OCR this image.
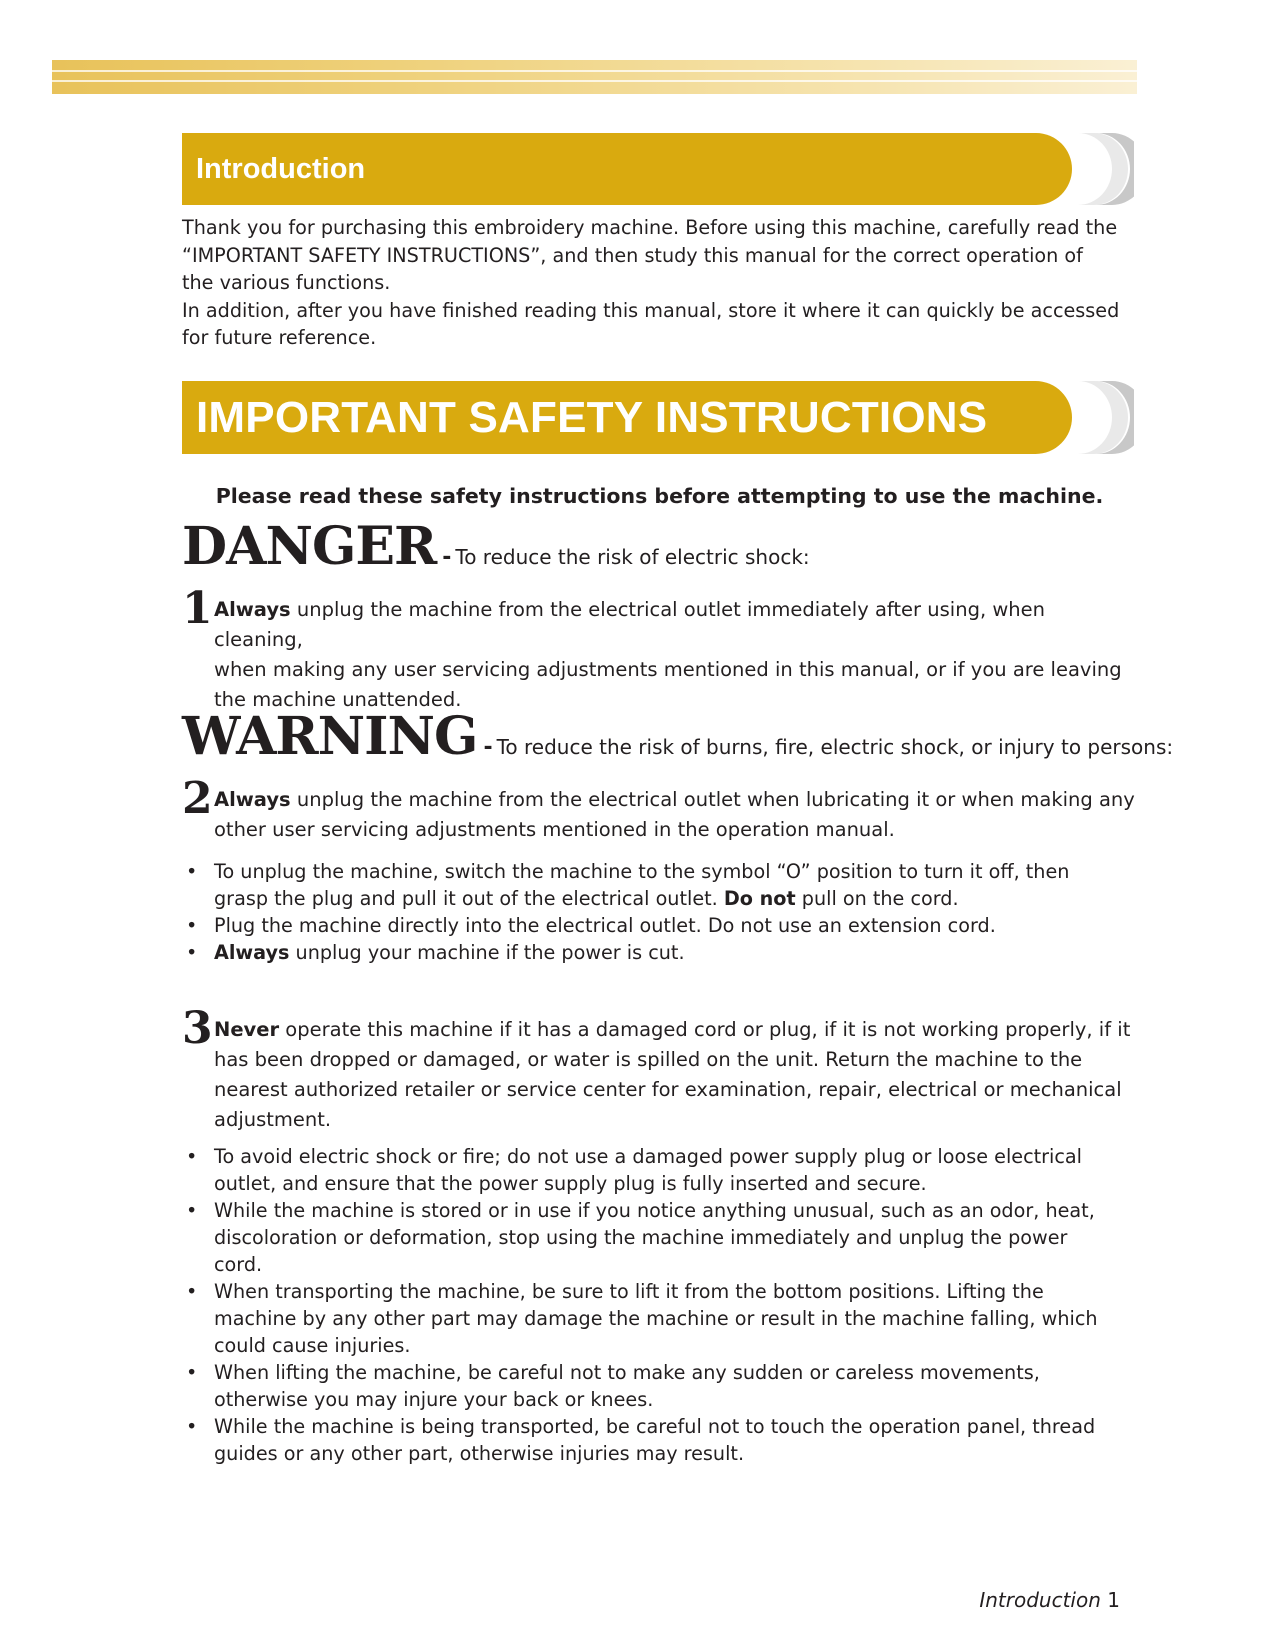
Introduction

Thank you for purchasing this embroidery machine. Before using this machine, carefully read the

“IMPORTANT SAFETY INSTRUCTIONS”, and then study this manual for the correct operation of

the various functions.

In addition, after you have finished reading this manual, store it where it can quickly be accessed

for future reference.

IMPORTANT SAFETY INSTRUCTIONS
Please read these safety instructions before attempting to use the machine.
DANGER - To reduce the risk of electric shock:
1 Always unplug the machine from the electrical outlet immediately after using, when cleaning,
when making any user servicing adjustments mentioned in this manual, or if you are leaving
the machine unattended.
WARNING - To reduce the risk of burns, fire, electric shock, or injury to persons:
2 Always unplug the machine from the electrical outlet when lubricating it or when making any
other user servicing adjustments mentioned in the operation manual.
• To unplug the machine, switch the machine to the symbol “O” position to turn it off, then
grasp the plug and pull it out of the electrical outlet. Do not pull on the cord.
• Plug the machine directly into the electrical outlet. Do not use an extension cord.
• Always unplug your machine if the power is cut.
3 Never operate this machine if it has a damaged cord or plug, if it is not working properly, if it
has been dropped or damaged, or water is spilled on the unit. Return the machine to the
nearest authorized retailer or service center for examination, repair, electrical or mechanical
adjustment.
• To avoid electric shock or fire; do not use a damaged power supply plug or loose electrical
outlet, and ensure that the power supply plug is fully inserted and secure.
• While the machine is stored or in use if you notice anything unusual, such as an odor, heat,
discoloration or deformation, stop using the machine immediately and unplug the power
cord.
• When transporting the machine, be sure to lift it from the bottom positions. Lifting the
machine by any other part may damage the machine or result in the machine falling, which
could cause injuries.
• When lifting the machine, be careful not to make any sudden or careless movements,
otherwise you may injure your back or knees.
• While the machine is being transported, be careful not to touch the operation panel, thread
guides or any other part, otherwise injuries may result.
Introduction 1
